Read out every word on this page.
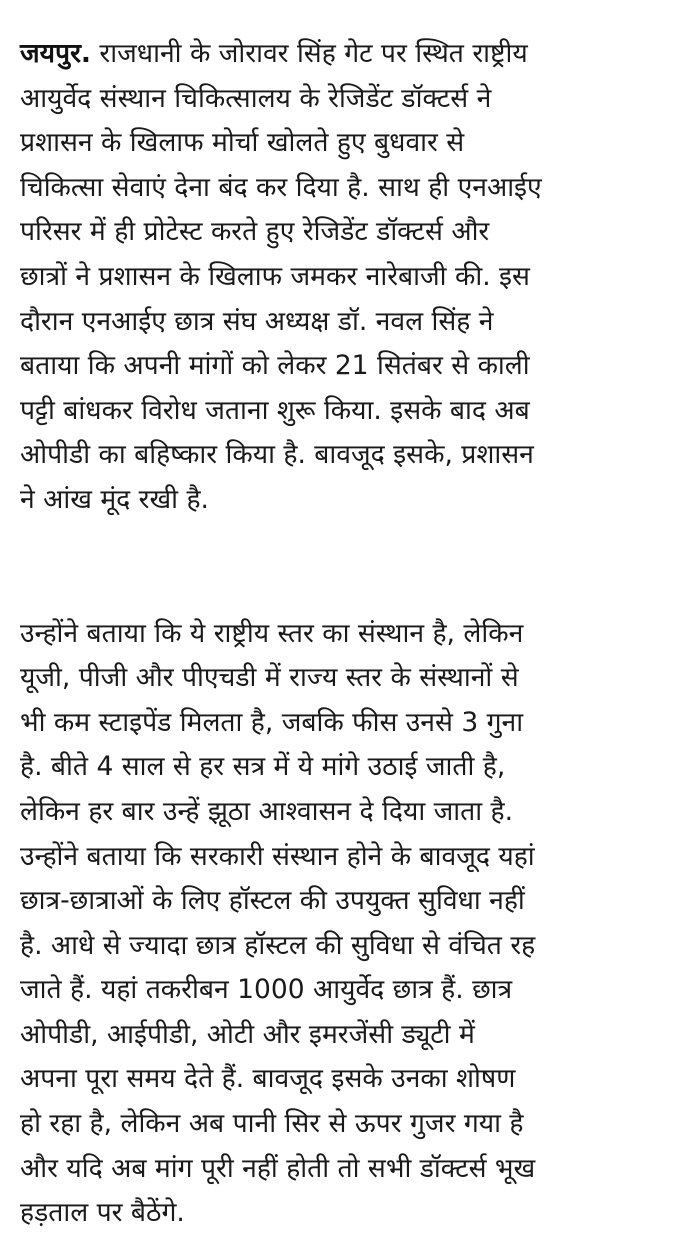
जयपुर. राजधानी के जोरावर सिंह गेट पर स्थित राष्ट्रीय
आयुर्वेद संस्थान चिकित्सालय के रेजिडेंट डॉक्टर्स ने
प्रशासन के खिलाफ मोर्चा खोलते हुए बुधवार से
चिकित्सा सेवाएं देना बंद कर दिया है. साथ ही एनआईए
परिसर में ही प्रोटेस्ट करते हुए रेजिडेंट डॉक्टर्स और
छात्रों ने प्रशासन के खिलाफ जमकर नारेबाजी की. इस
दौरान एनआईए छात्र संघ अध्यक्ष डॉ. नवल सिंह ने
बताया कि अपनी मांगों को लेकर 21 सितंबर से काली
पट्टी बांधकर विरोध जताना शुरू किया. इसके बाद अब
ओपीडी का बहिष्कार किया है. बावजूद इसके, प्रशासन
ने आंख मूंद रखी है.
उन्होंने बताया कि ये राष्ट्रीय स्तर का संस्थान है, लेकिन
यूजी, पीजी और पीएचडी में राज्य स्तर के संस्थानों से
भी कम स्टाइपेंड मिलता है, जबकि फीस उनसे 3 गुना
है. बीते 4 साल से हर सत्र में ये मांगे उठाई जाती है,
लेकिन हर बार उन्हें झूठा आश्वासन दे दिया जाता है.
उन्होंने बताया कि सरकारी संस्थान होने के बावजूद यहां
छात्र-छात्राओं के लिए हॉस्टल की उपयुक्त सुविधा नहीं
है. आधे से ज्यादा छात्र हॉस्टल की सुविधा से वंचित रह
जाते हैं. यहां तकरीबन 1000 आयुर्वेद छात्र हैं. छात्र
ओपीडी, आईपीडी, ओटी और इमरजेंसी ड्यूटी में
अपना पूरा समय देते हैं. बावजूद इसके उनका शोषण
हो रहा है, लेकिन अब पानी सिर से ऊपर गुजर गया है
और यदि अब मांग पूरी नहीं होती तो सभी डॉक्टर्स भूख
हड़ताल पर बैठेंगे.
